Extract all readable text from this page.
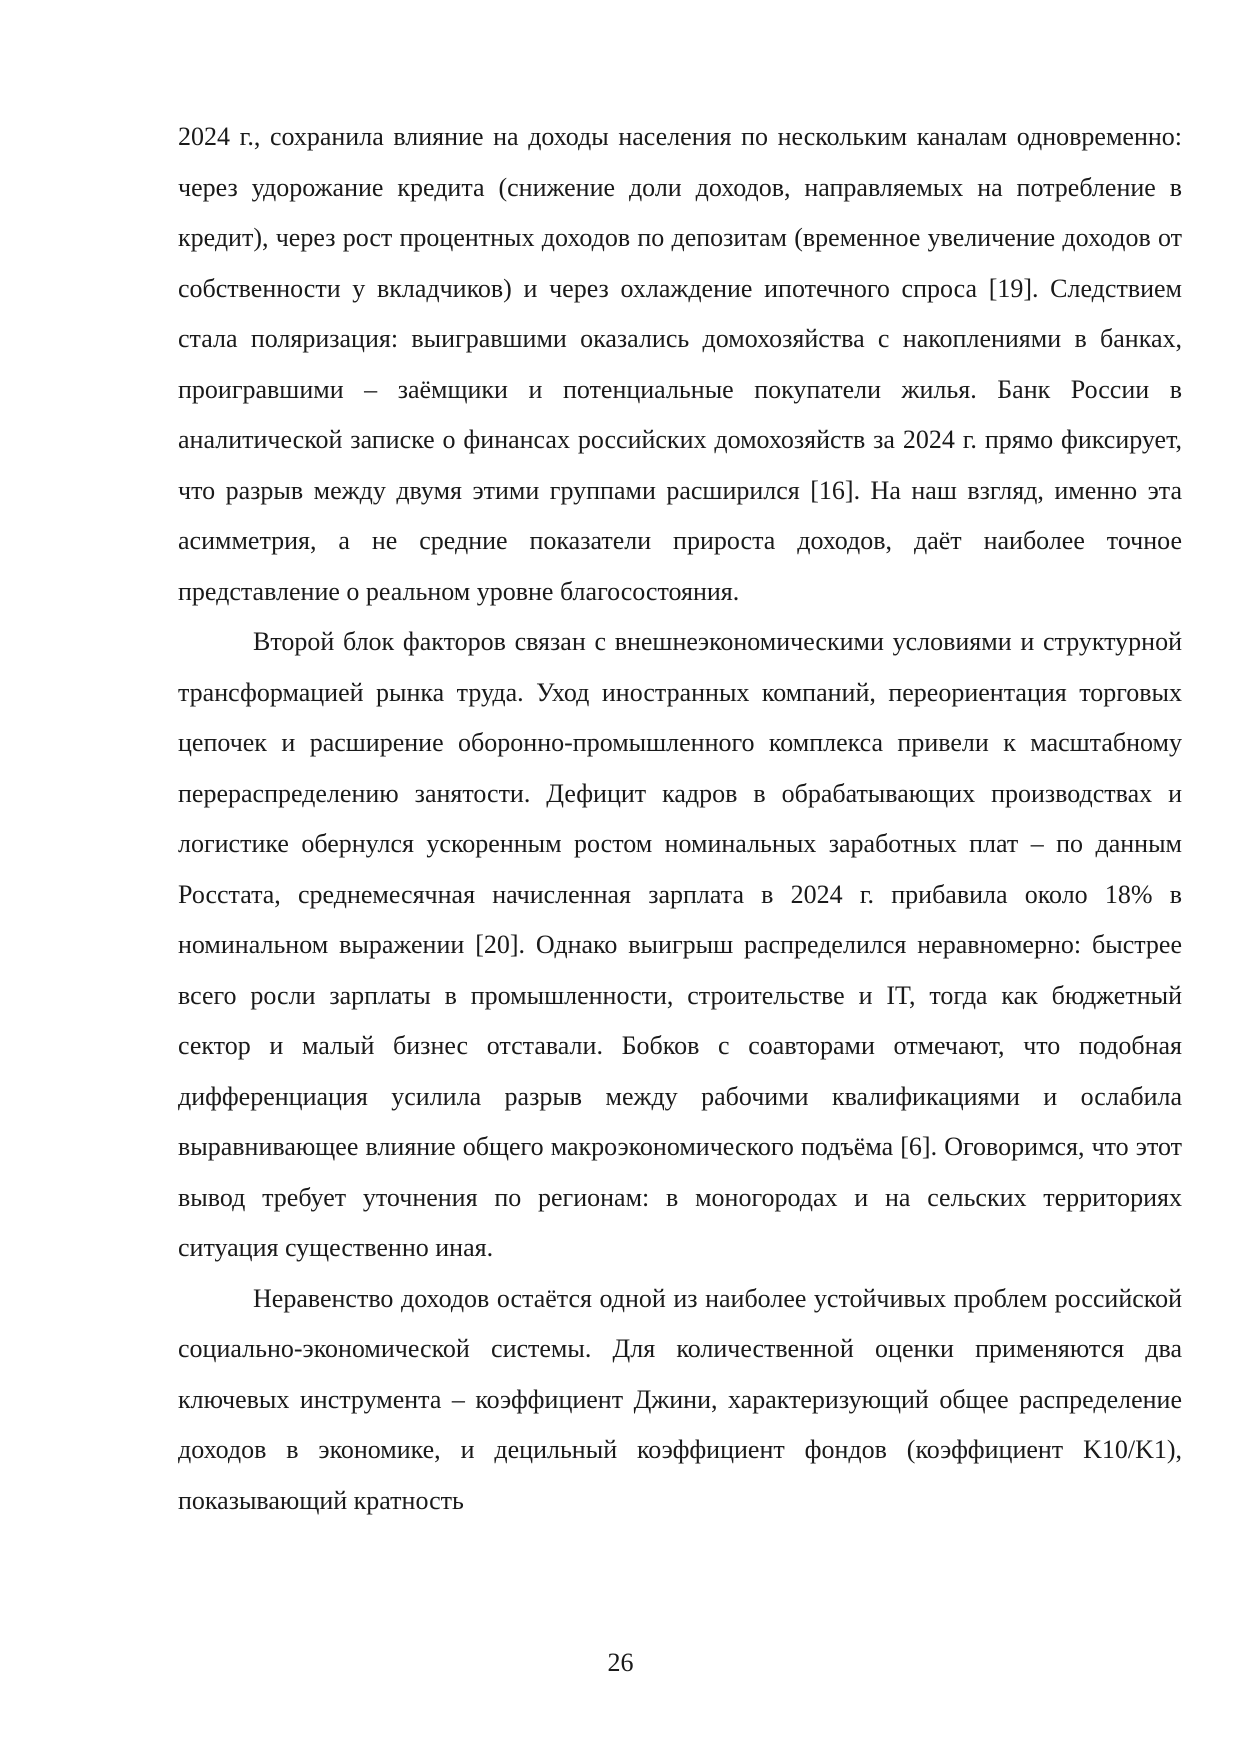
2024 г., сохранила влияние на доходы населения по нескольким каналам одновременно: через удорожание кредита (снижение доли доходов, направляемых на потребление в кредит), через рост процентных доходов по депозитам (временное увеличение доходов от собственности у вкладчиков) и через охлаждение ипотечного спроса [19]. Следствием стала поляризация: выигравшими оказались домохозяйства с накоплениями в банках, проигравшими – заёмщики и потенциальные покупатели жилья. Банк России в аналитической записке о финансах российских домохозяйств за 2024 г. прямо фиксирует, что разрыв между двумя этими группами расширился [16]. На наш взгляд, именно эта асимметрия, а не средние показатели прироста доходов, даёт наиболее точное представление о реальном уровне благосостояния.

Второй блок факторов связан с внешнеэкономическими условиями и структурной трансформацией рынка труда. Уход иностранных компаний, переориентация торговых цепочек и расширение оборонно-промышленного комплекса привели к масштабному перераспределению занятости. Дефицит кадров в обрабатывающих производствах и логистике обернулся ускоренным ростом номинальных заработных плат – по данным Росстата, среднемесячная начисленная зарплата в 2024 г. прибавила около 18% в номинальном выражении [20]. Однако выигрыш распределился неравномерно: быстрее всего росли зарплаты в промышленности, строительстве и IT, тогда как бюджетный сектор и малый бизнес отставали. Бобков с соавторами отмечают, что подобная дифференциация усилила разрыв между рабочими квалификациями и ослабила выравнивающее влияние общего макроэкономического подъёма [6]. Оговоримся, что этот вывод требует уточнения по регионам: в моногородах и на сельских территориях ситуация существенно иная.

Неравенство доходов остаётся одной из наиболее устойчивых проблем российской социально-экономической системы. Для количественной оценки применяются два ключевых инструмента – коэффициент Джини, характеризующий общее распределение доходов в экономике, и децильный коэффициент фондов (коэффициент K10/K1), показывающий кратность

26
